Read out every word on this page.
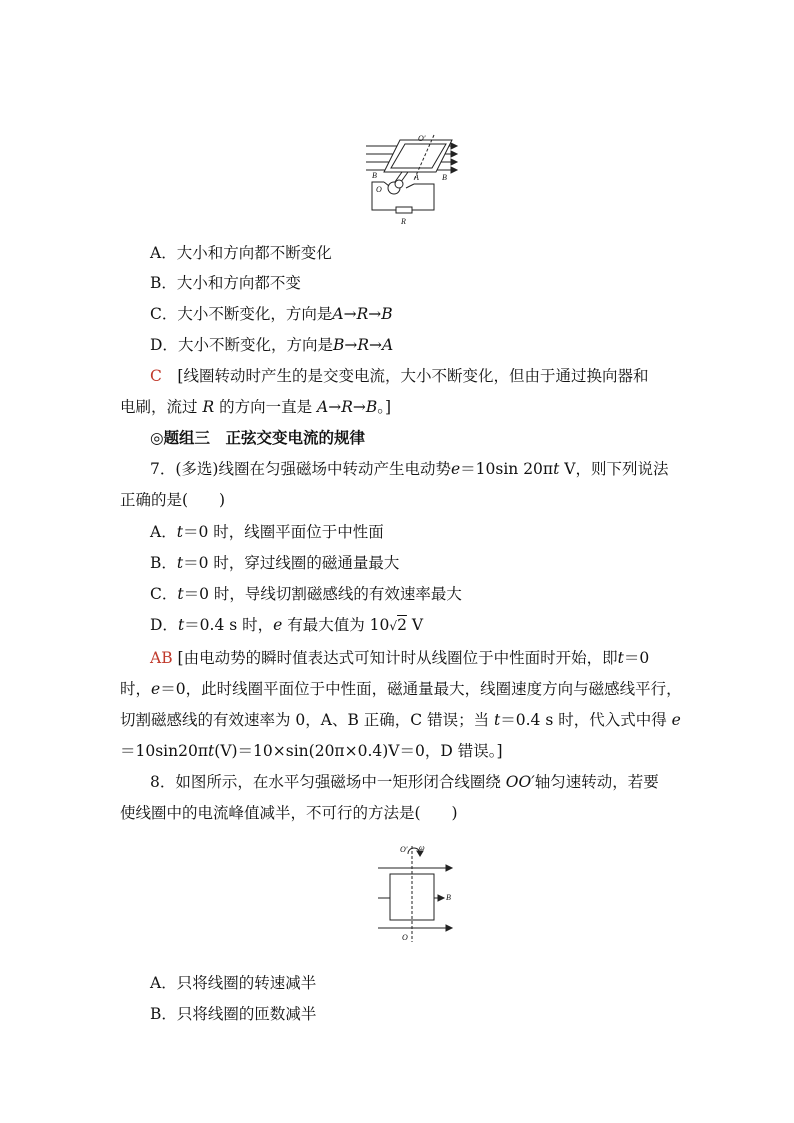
O′
B
B	A
O
R
A．大小和方向都不断变化
B．大小和方向都不变
C．大小不断变化，方向是A→R→B
D．大小不断变化，方向是B→R→A
C　 [线圈转动时产生的是交变电流，大小不断变化，但由于通过换向器和
电刷，流过 R 的方向一直是 A→R→B。]
◎题组三　正弦交变电流的规律
7．(多选)线圈在匀强磁场中转动产生电动势e＝10sin 20πt V，则下列说法
正确的是(　　)
A．t＝0 时，线圈平面位于中性面
B．t＝0 时，穿过线圈的磁通量最大
C．t＝0 时，导线切割磁感线的有效速率最大
D．t＝0.4 s 时，e 有最大值为 10√2 V
AB [由电动势的瞬时值表达式可知计时从线圈位于中性面时开始，即t＝0
时，e＝0，此时线圈平面位于中性面，磁通量最大，线圈速度方向与磁感线平行，
切割磁感线的有效速率为 0，A、B 正确，C 错误；当 t＝0.4 s 时，代入式中得 e
＝10sin20πt(V)＝10×sin(20π×0.4)V＝0，D 错误。]
8．如图所示，在水平匀强磁场中一矩形闭合线圈绕 OO′轴匀速转动，若要
使线圈中的电流峰值减半，不可行的方法是(　　)
O′ ω
B
O
A．只将线圈的转速减半
B．只将线圈的匝数减半
